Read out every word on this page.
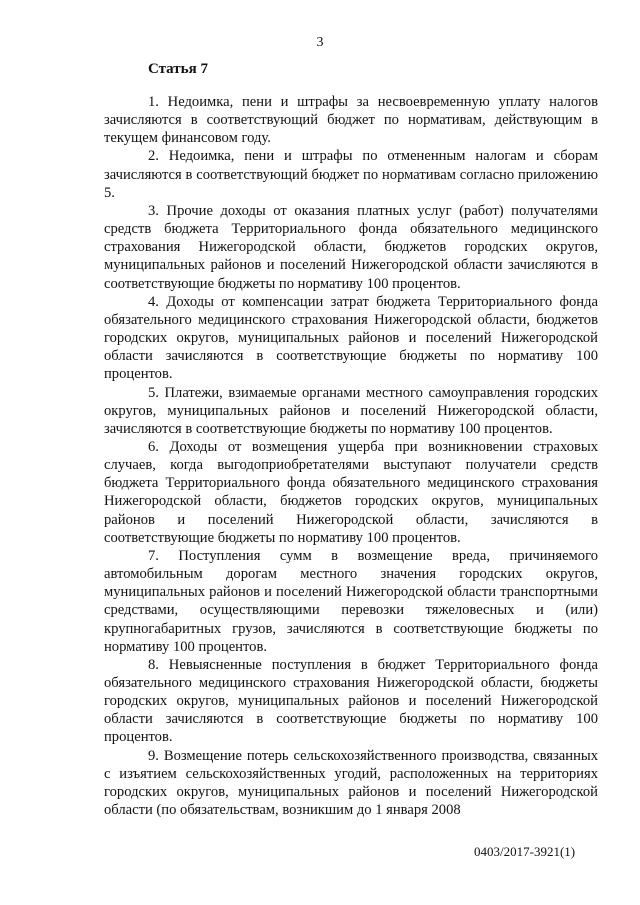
3
Статья 7

1. Недоимка, пени и штрафы за несвоевременную уплату налогов зачисляются в соответствующий бюджет по нормативам, действующим в текущем финансовом году.

2. Недоимка, пени и штрафы по отмененным налогам и сборам зачисляются в соответствующий бюджет по нормативам согласно приложению 5.

3. Прочие доходы от оказания платных услуг (работ) получателями средств бюджета Территориального фонда обязательного медицинского страхования Нижегородской области, бюджетов городских округов, муниципальных районов и поселений Нижегородской области зачисляются в соответствующие бюджеты по нормативу 100 процентов.

4. Доходы от компенсации затрат бюджета Территориального фонда обязательного медицинского страхования Нижегородской области, бюджетов городских округов, муниципальных районов и поселений Нижегородской области зачисляются в соответствующие бюджеты по нормативу 100 процентов.

5. Платежи, взимаемые органами местного самоуправления городских округов, муниципальных районов и поселений Нижегородской области, зачисляются в соответствующие бюджеты по нормативу 100 процентов.

6. Доходы от возмещения ущерба при возникновении страховых случаев, когда выгодоприобретателями выступают получатели средств бюджета Территориального фонда обязательного медицинского страхования Нижегородской области, бюджетов городских округов, муниципальных районов и поселений Нижегородской области, зачисляются в соответствующие бюджеты по нормативу 100 процентов.

7. Поступления сумм в возмещение вреда, причиняемого автомобильным дорогам местного значения городских округов, муниципальных районов и поселений Нижегородской области транспортными средствами, осуществляющими перевозки тяжеловесных и (или) крупногабаритных грузов, зачисляются в соответствующие бюджеты по нормативу 100 процентов.

8. Невыясненные поступления в бюджет Территориального фонда обязательного медицинского страхования Нижегородской области, бюджеты городских округов, муниципальных районов и поселений Нижегородской области зачисляются в соответствующие бюджеты по нормативу 100 процентов.

9. Возмещение потерь сельскохозяйственного производства, связанных с изъятием сельскохозяйственных угодий, расположенных на территориях городских округов, муниципальных районов и поселений Нижегородской области (по обязательствам, возникшим до 1 января 2008

0403/2017-3921(1)
